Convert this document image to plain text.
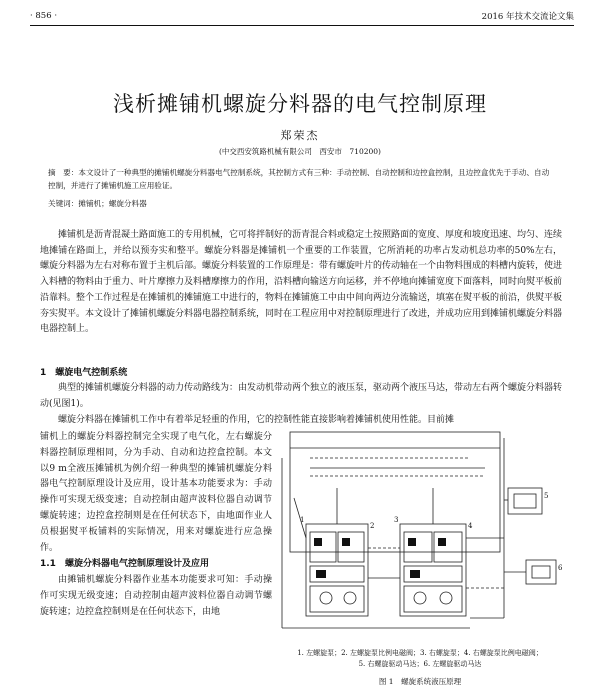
· 856 ·	2016 年技术交流论文集
浅析摊铺机螺旋分料器的电气控制原理
郑荣杰
(中交西安筑路机械有限公司　西安市　710200)
摘　要：本文设计了一种典型的摊铺机螺旋分料器电气控制系统，其控制方式有三种：手动控制、自动控制和边控盒控制，且边控盒优先于手动、自动控制，并进行了摊铺机施工应用验证。
关键词：摊铺机；螺旋分料器
摊铺机是沥青混凝土路面施工的专用机械，它可将拌制好的沥青混合料或稳定土按照路面的宽度、厚度和坡度迅速、均匀、连续地摊铺在路面上，并给以预夯实和整平。螺旋分料器是摊铺机一个重要的工作装置，它所消耗的功率占发动机总功率的50%左右，螺旋分料器为左右对称布置于主机后部。螺旋分料装置的工作原理是：带有螺旋叶片的传动轴在一个由物料围成的料槽内旋转，使进入料槽的物料由于重力、叶片摩擦力及料槽摩擦力的作用，沿料槽向输送方向运移，并不停地向摊铺宽度下面落料，同时向熨平板前沿靠料。整个工作过程是在摊铺机的摊铺施工中进行的，物料在摊铺施工中由中间向两边分流输送，填塞在熨平板的前沿，供熨平板夯实熨平。本文设计了摊铺机螺旋分料器电器控制系统，同时在工程应用中对控制原理进行了改进，并成功应用到摊铺机螺旋分料器电器控制上。
1　螺旋电气控制系统
典型的摊铺机螺旋分料器的动力传动路线为：由发动机带动两个独立的液压泵，驱动两个液压马达，带动左右两个螺旋分料器转动(见图1)。
螺旋分料器在摊铺机工作中有着举足轻重的作用，它的控制性能直接影响着摊铺机使用性能。目前摊

铺机上的螺旋分料器控制完全实现了电气化，左右螺旋分料器控制原理相同，分为手动、自动和边控盒控制。本文以9 m全液压摊铺机为例介绍一种典型的摊铺机螺旋分料器电气控制原理设计及应用，设计基本功能要求为：手动操作可实现无级变速；自动控制由超声波料位器自动调节螺旋转速；边控盒控制则是在任何状态下，由地面作业人员根据熨平板铺料的实际情况，用来对螺旋进行应急操作。

1.1　螺旋分料器电气控制原理设计及应用

由摊铺机螺旋分料器作业基本功能要求可知：手动操作可实现无级变速；自动控制由超声波料位器自动调节螺旋转速；边控盒控制则是在任何状态下，由地

1
2
3
4
5
6
1. 左螺旋泵；2. 左螺旋泵比例电磁阀；3. 右螺旋泵；4. 右螺旋泵比例电磁阀；
5. 右螺旋驱动马达；6. 左螺旋驱动马达
图 1　螺旋系统液压原理
